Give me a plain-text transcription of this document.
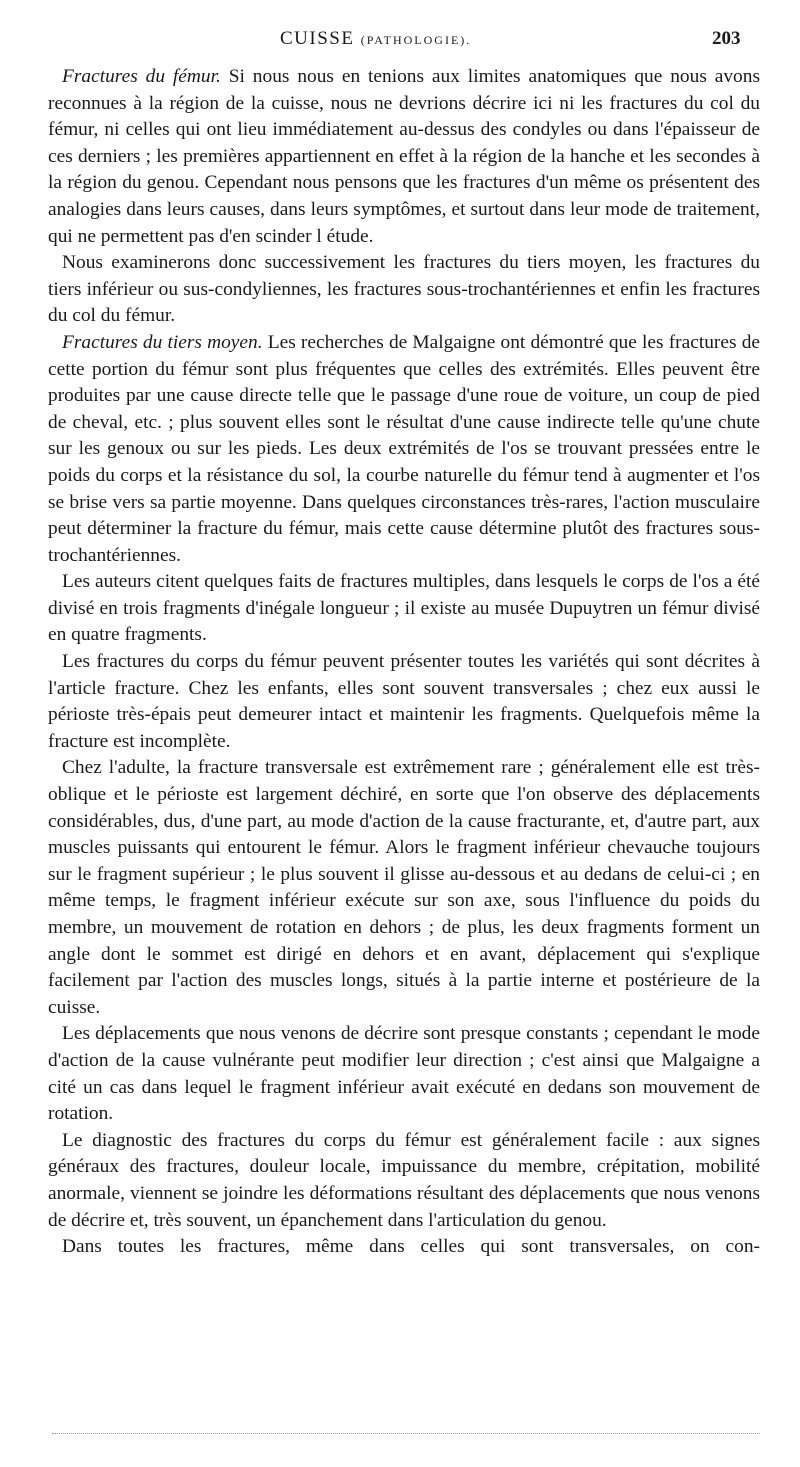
CUISSE (PATHOLOGIE).	203

Fractures du fémur. Si nous nous en tenions aux limites anatomiques que nous avons reconnues à la région de la cuisse, nous ne devrions décrire ici ni les fractures du col du fémur, ni celles qui ont lieu immédiatement au-dessus des condyles ou dans l'épaisseur de ces derniers ; les premières appartiennent en effet à la région de la hanche et les secondes à la région du genou. Cependant nous pensons que les fractures d'un même os présentent des analogies dans leurs causes, dans leurs symptômes, et surtout dans leur mode de traitement, qui ne permettent pas d'en scinder l étude.

Nous examinerons donc successivement les fractures du tiers moyen, les fractures du tiers inférieur ou sus-condyliennes, les fractures sous-trochantériennes et enfin les fractures du col du fémur.

Fractures du tiers moyen. Les recherches de Malgaigne ont démontré que les fractures de cette portion du fémur sont plus fréquentes que celles des extrémités. Elles peuvent être produites par une cause directe telle que le passage d'une roue de voiture, un coup de pied de cheval, etc. ; plus souvent elles sont le résultat d'une cause indirecte telle qu'une chute sur les genoux ou sur les pieds. Les deux extrémités de l'os se trouvant pressées entre le poids du corps et la résistance du sol, la courbe naturelle du fémur tend à augmenter et l'os se brise vers sa partie moyenne. Dans quelques circonstances très-rares, l'action musculaire peut déterminer la fracture du fémur, mais cette cause détermine plutôt des fractures sous-trochantériennes.

Les auteurs citent quelques faits de fractures multiples, dans lesquels le corps de l'os a été divisé en trois fragments d'inégale longueur ; il existe au musée Dupuytren un fémur divisé en quatre fragments.

Les fractures du corps du fémur peuvent présenter toutes les variétés qui sont décrites à l'article fracture. Chez les enfants, elles sont souvent transversales ; chez eux aussi le périoste très-épais peut demeurer intact et maintenir les fragments. Quelquefois même la fracture est incomplète.

Chez l'adulte, la fracture transversale est extrêmement rare ; généralement elle est très-oblique et le périoste est largement déchiré, en sorte que l'on observe des déplacements considérables, dus, d'une part, au mode d'action de la cause fracturante, et, d'autre part, aux muscles puissants qui entourent le fémur. Alors le fragment inférieur chevauche toujours sur le fragment supérieur ; le plus souvent il glisse au-dessous et au dedans de celui-ci ; en même temps, le fragment inférieur exécute sur son axe, sous l'influence du poids du membre, un mouvement de rotation en dehors ; de plus, les deux fragments forment un angle dont le sommet est dirigé en dehors et en avant, déplacement qui s'explique facilement par l'action des muscles longs, situés à la partie interne et postérieure de la cuisse.

Les déplacements que nous venons de décrire sont presque constants ; cependant le mode d'action de la cause vulnérante peut modifier leur direction ; c'est ainsi que Malgaigne a cité un cas dans lequel le fragment inférieur avait exécuté en dedans son mouvement de rotation.

Le diagnostic des fractures du corps du fémur est généralement facile : aux signes généraux des fractures, douleur locale, impuissance du membre, crépitation, mobilité anormale, viennent se joindre les déformations résultant des déplacements que nous venons de décrire et, très souvent, un épanchement dans l'articulation du genou.

Dans toutes les fractures, même dans celles qui sont transversales, on con-
